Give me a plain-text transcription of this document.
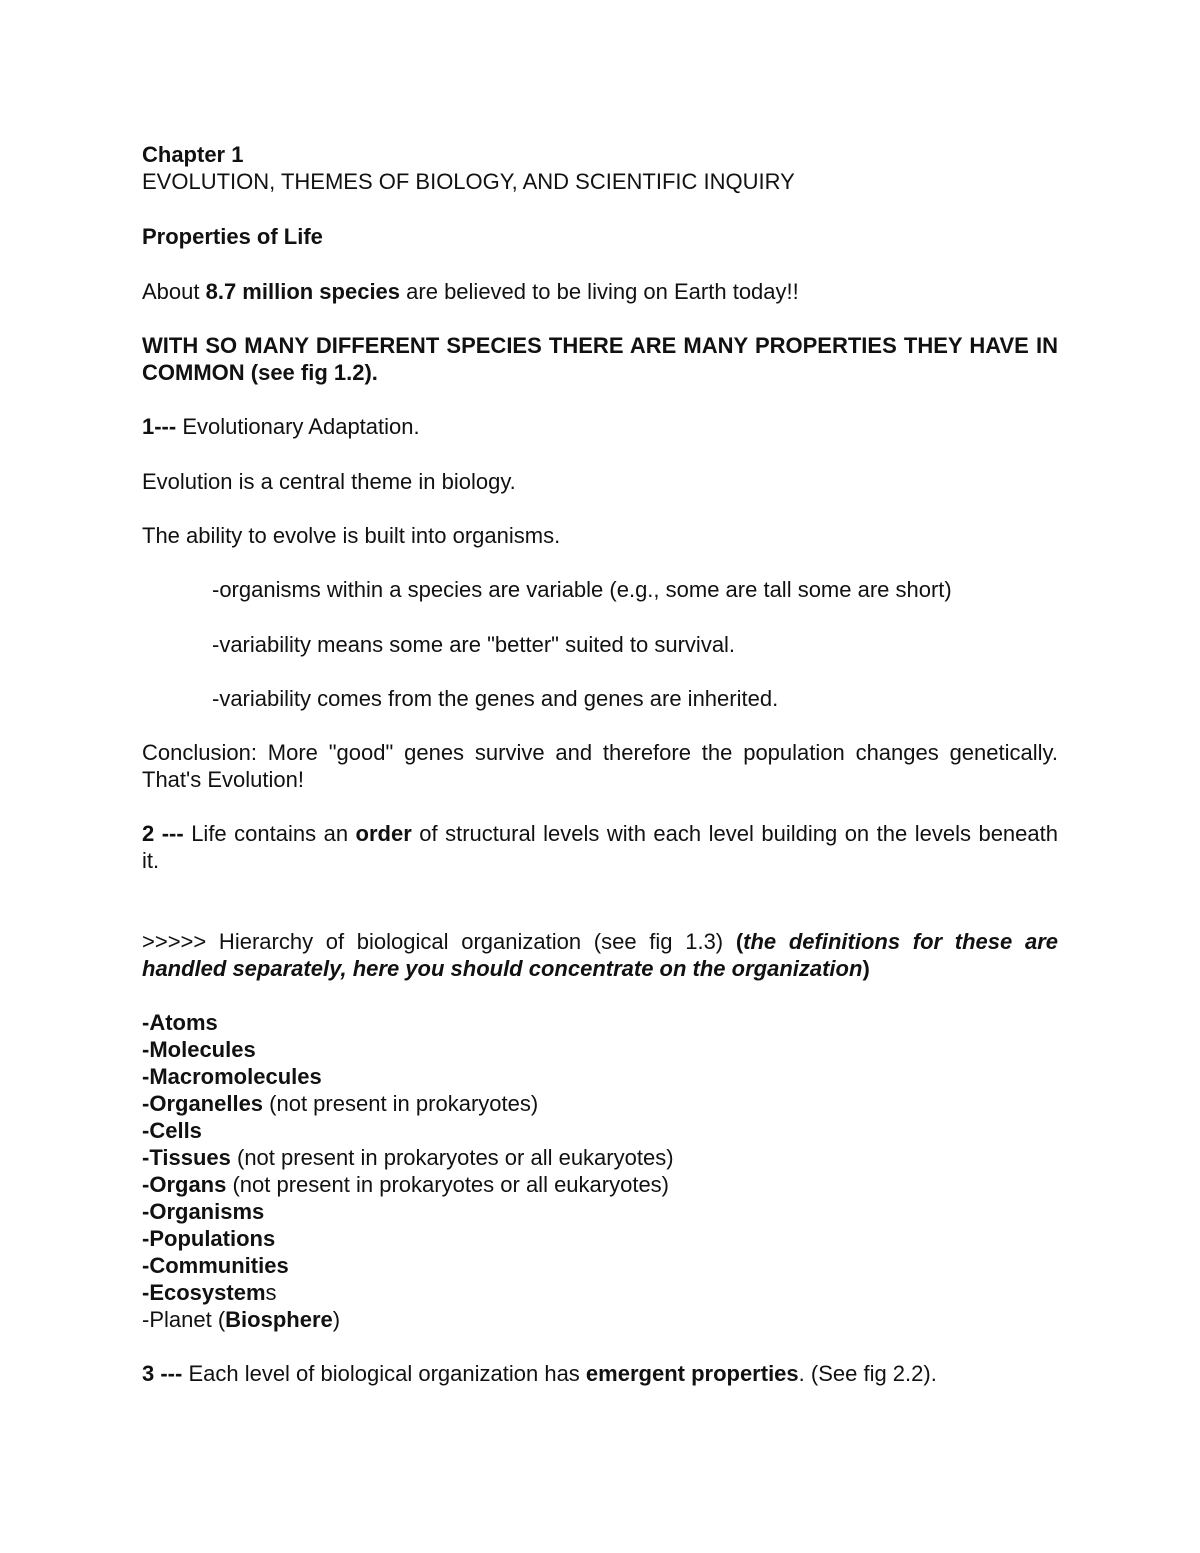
Chapter 1

EVOLUTION, THEMES OF BIOLOGY, AND SCIENTIFIC INQUIRY

Properties of Life

About 8.7 million species are believed to be living on Earth today!!

WITH SO MANY DIFFERENT SPECIES THERE ARE MANY PROPERTIES THEY HAVE IN COMMON (see fig 1.2).

1--- Evolutionary Adaptation.

Evolution is a central theme in biology.

The ability to evolve is built into organisms.

-organisms within a species are variable (e.g., some are tall some are short)

-variability means some are "better" suited to survival.

-variability comes from the genes and genes are inherited.

Conclusion: More "good" genes survive and therefore the population changes genetically. That's Evolution!

2 --- Life contains an order of structural levels with each level building on the levels beneath it.

>>>>> Hierarchy of biological organization (see fig 1.3) (the definitions for these are handled separately, here you should concentrate on the organization)

-Atoms

-Molecules

-Macromolecules

-Organelles (not present in prokaryotes)

-Cells

-Tissues (not present in prokaryotes or all eukaryotes)

-Organs (not present in prokaryotes or all eukaryotes)

-Organisms

-Populations

-Communities

-Ecosystems

-Planet (Biosphere)

3 --- Each level of biological organization has emergent properties. (See fig 2.2).
